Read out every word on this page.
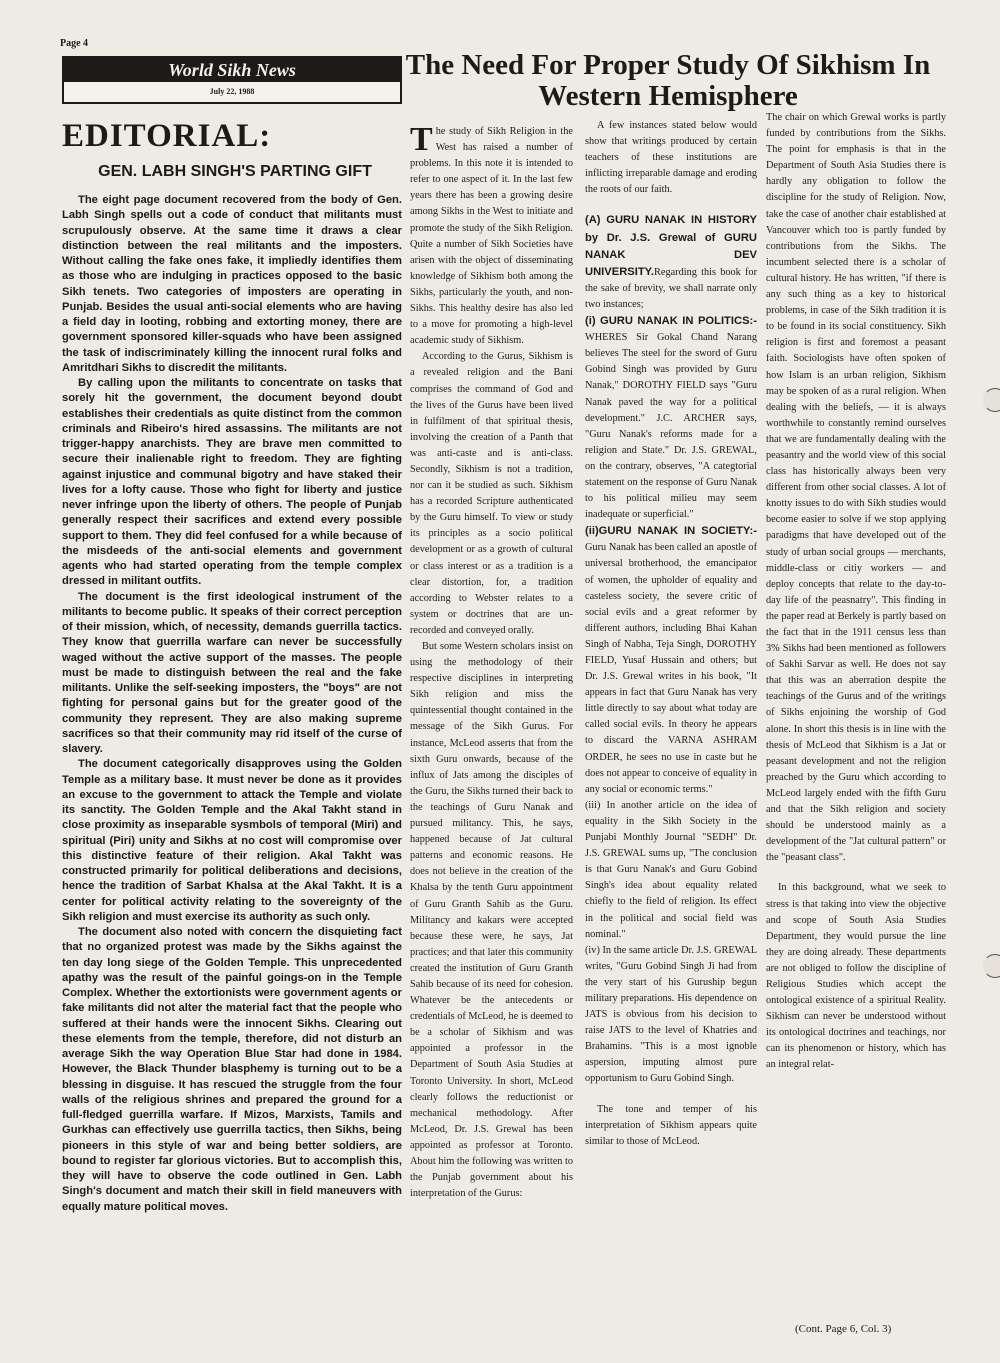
Page 4
World Sikh News
July 22, 1988
The Need For Proper Study Of Sikhism In Western Hemisphere
EDITORIAL:
GEN. LABH SINGH'S PARTING GIFT

The eight page document recovered from the body of Gen. Labh Singh spells out a code of conduct that militants must scrupulously observe. At the same time it draws a clear distinction between the real militants and the imposters. Without calling the fake ones fake, it impliedly identifies them as those who are indulging in practices opposed to the basic Sikh tenets. Two categories of imposters are operating in Punjab. Besides the usual anti-social elements who are having a field day in looting, robbing and extorting money, there are government sponsored killer-squads who have been assigned the task of indiscriminately killing the innocent rural folks and Amritdhari Sikhs to discredit the militants.

By calling upon the militants to concentrate on tasks that sorely hit the government, the document beyond doubt establishes their credentials as quite distinct from the common criminals and Ribeiro's hired assassins. The militants are not trigger-happy anarchists. They are brave men committed to secure their inalienable right to freedom. They are fighting against injustice and communal bigotry and have staked their lives for a lofty cause. Those who fight for liberty and justice never infringe upon the liberty of others. The people of Punjab generally respect their sacrifices and extend every possible support to them. They did feel confused for a while because of the misdeeds of the anti-social elements and government agents who had started operating from the temple complex dressed in militant outfits.

The document is the first ideological instrument of the militants to become public. It speaks of their correct perception of their mission, which, of necessity, demands guerrilla tactics. They know that guerrilla warfare can never be successfully waged without the active support of the masses. The people must be made to distinguish between the real and the fake militants. Unlike the self-seeking imposters, the "boys" are not fighting for personal gains but for the greater good of the community they represent. They are also making supreme sacrifices so that their community may rid itself of the curse of slavery.

The document categorically disapproves using the Golden Temple as a military base. It must never be done as it provides an excuse to the government to attack the Temple and violate its sanctity. The Golden Temple and the Akal Takht stand in close proximity as inseparable sysmbols of temporal (Miri) and spiritual (Piri) unity and Sikhs at no cost will compromise over this distinctive feature of their religion. Akal Takht was constructed primarily for political deliberations and decisions, hence the tradition of Sarbat Khalsa at the Akal Takht. It is a center for political activity relating to the sovereignty of the Sikh religion and must exercise its authority as such only.

The document also noted with concern the disquieting fact that no organized protest was made by the Sikhs against the ten day long siege of the Golden Temple. This unprecedented apathy was the result of the painful goings-on in the Temple Complex. Whether the extortionists were government agents or fake militants did not alter the material fact that the people who suffered at their hands were the innocent Sikhs. Clearing out these elements from the temple, therefore, did not disturb an average Sikh the way Operation Blue Star had done in 1984. However, the Black Thunder blasphemy is turning out to be a blessing in disguise. It has rescued the struggle from the four walls of the religious shrines and prepared the ground for a full-fledged guerrilla warfare. If Mizos, Marxists, Tamils and Gurkhas can effectively use guerrilla tactics, then Sikhs, being pioneers in this style of war and being better soldiers, are bound to register far glorious victories. But to accomplish this, they will have to observe the code outlined in Gen. Labh Singh's document and match their skill in field maneuvers with equally mature political moves.

The study of Sikh Religion in the West has raised a number of problems. In this note it is intended to refer to one aspect of it. In the last few years there has been a growing desire among Sikhs in the West to initiate and promote the study of the Sikh Religion. Quite a number of Sikh Societies have arisen with the object of disseminating knowledge of Sikhism both among the Sikhs, particularly the youth, and non-Sikhs. This healthy desire has also led to a move for promoting a high-level academic study of Sikhism.

According to the Gurus, Sikhism is a revealed religion and the Bani comprises the command of God and the lives of the Gurus have been lived in fulfilment of that spiritual thesis, involving the creation of a Panth that was anti-caste and is anti-class. Secondly, Sikhism is not a tradition, nor can it be studied as such. Sikhism has a recorded Scripture authenticated by the Guru himself. To view or study its principles as a socio political development or as a growth of cultural or class interest or as a tradition is a clear distortion, for, a tradition according to Webster relates to a system or doctrines that are un-recorded and conveyed orally.

But some Western scholars insist on using the methodology of their respective disciplines in interpreting Sikh religion and miss the quintessential thought contained in the message of the Sikh Gurus. For instance, McLeod asserts that from the sixth Guru onwards, because of the influx of Jats among the disciples of the Guru, the Sikhs turned their back to the teachings of Guru Nanak and pursued militancy. This, he says, happened because of Jat cultural patterns and economic reasons. He does not believe in the creation of the Khalsa by the tenth Guru appointment of Guru Granth Sahib as the Guru. Militancy and kakars were accepted because these were, he says, Jat practices; and that later this community created the institution of Guru Granth Sahib because of its need for cohesion. Whatever be the antecedents or credentials of McLeod, he is deemed to be a scholar of Sikhism and was appointed a professor in the Department of South Asia Studies at Toronto University. In short, McLeod clearly follows the reductionist or mechanical methodology. After McLeod, Dr. J.S. Grewal has been appointed as professor at Toronto. About him the following was written to the Punjab government about his interpretation of the Gurus:

A few instances stated below would show that writings produced by certain teachers of these institutions are inflicting irreparable damage and eroding the roots of our faith.

(A) GURU NANAK IN HISTORY by Dr. J.S. Grewal of GURU NANAK DEV UNIVERSITY.Regarding this book for the sake of brevity, we shall narrate only two instances;

(i) GURU NANAK IN POLITICS:- WHERES Sir Gokal Chand Narang believes The steel for the sword of Guru Gobind Singh was provided by Guru Nanak," DOROTHY FIELD says "Guru Nanak paved the way for a political development." J.C. ARCHER says, "Guru Nanak's reforms made for a religion and State." Dr. J.S. GREWAL, on the contrary, observes, "A categtorial statement on the response of Guru Nanak to his political milieu may seem inadequate or superficial."

(ii)GURU NANAK IN SOCIETY:- Guru Nanak has been called an apostle of universal brotherhood, the emancipator of women, the upholder of equality and casteless society, the severe critic of social evils and a great reformer by different authors, including Bhai Kahan Singh of Nabha, Teja Singh, DOROTHY FIELD, Yusaf Hussain and others; but Dr. J.S. Grewal writes in his book, "It appears in fact that Guru Nanak has very little directly to say about what today are called social evils. In theory he appears to discard the VARNA ASHRAM ORDER, he sees no use in caste but he does not appear to conceive of equality in any social or economic terms."

(iii) In another article on the idea of equality in the Sikh Society in the Punjabi Monthly Journal "SEDH" Dr. J.S. GREWAL sums up, "The conclusion is that Guru Nanak's and Guru Gobind Singh's idea about equality related chiefly to the field of religion. Its effect in the political and social field was nominal."

(iv) In the same article Dr. J.S. GREWAL writes, "Guru Gobind Singh Ji had from the very start of his Guruship begun military preparations. His dependence on JATS is obvious from his decision to raise JATS to the level of Khatries and Brahamins. "This is a most ignoble aspersion, imputing almost pure opportunism to Guru Gobind Singh.

The tone and temper of his interpretation of Sikhism appears quite similar to those of McLeod.

The chair on which Grewal works is partly funded by contributions from the Sikhs. The point for emphasis is that in the Department of South Asia Studies there is hardly any obligation to follow the discipline for the study of Religion. Now, take the case of another chair established at Vancouver which too is partly funded by contributions from the Sikhs. The incumbent selected there is a scholar of cultural history. He has written, "if there is any such thing as a key to historical problems, in case of the Sikh tradition it is to be found in its social constituency. Sikh religion is first and foremost a peasant faith. Sociologists have often spoken of how Islam is an urban religion, Sikhism may be spoken of as a rural religion. When dealing with the beliefs, — it is always worthwhile to constantly remind ourselves that we are fundamentally dealing with the peasantry and the world view of this social class has historically always been very different from other social classes. A lot of knotty issues to do with Sikh studies would become easier to solve if we stop applying paradigms that have developed out of the study of urban social groups — merchants, middle-class or citiy workers — and deploy concepts that relate to the day-to-day life of the peasnatry". This finding in the paper read at Berkely is partly based on the fact that in the 1911 census less than 3% Sikhs had been mentioned as followers of Sakhi Sarvar as well. He does not say that this was an aberration despite the teachings of the Gurus and of the writings of Sikhs enjoining the worship of God alone. In short this thesis is in line with the thesis of McLeod that Sikhism is a Jat or peasant development and not the religion preached by the Guru which according to McLeod largely ended with the fifth Guru and that the Sikh religion and society should be understood mainly as a development of the "Jat cultural pattern" or the "peasant class".

In this background, what we seek to stress is that taking into view the objective and scope of South Asia Studies Department, they would pursue the line they are doing already. These departments are not obliged to follow the discipline of Religious Studies which accept the ontological existence of a spiritual Reality. Sikhism can never be understood without its ontological doctrines and teachings, nor can its phenomenon or history, which has an integral relat-

(Cont. Page 6, Col. 3)
